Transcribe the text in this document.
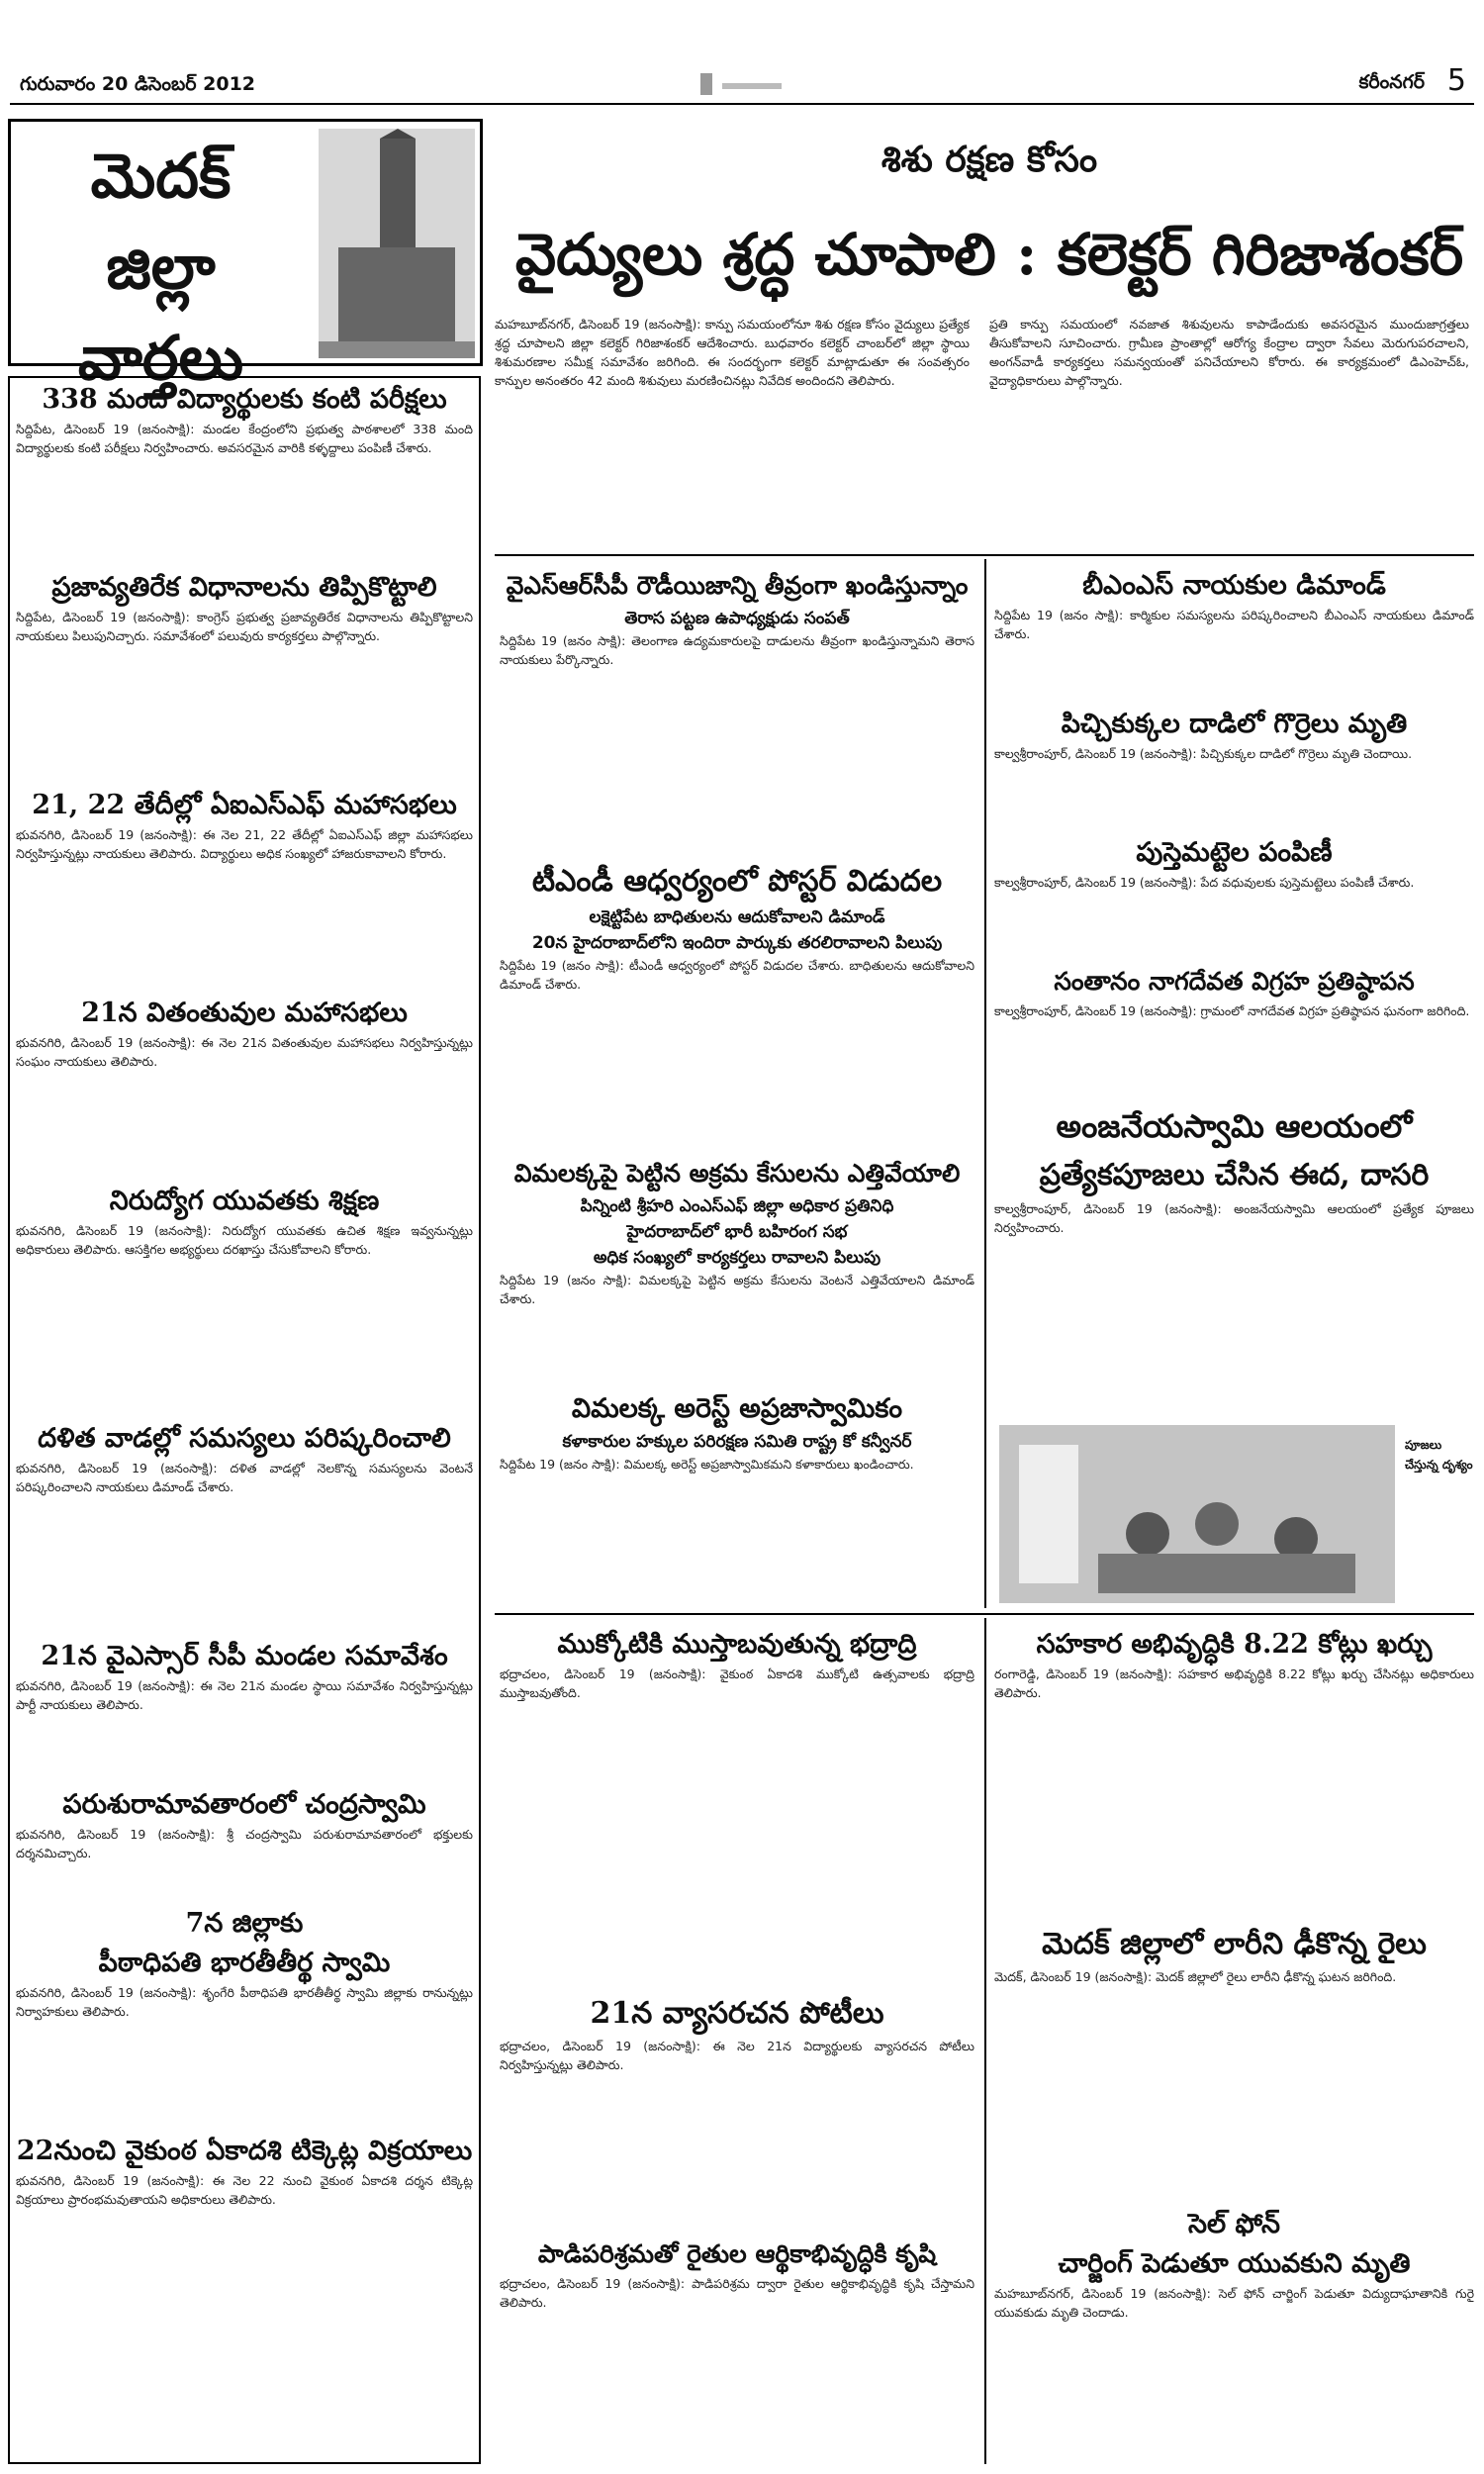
గురువారం 20 డిసెంబర్ 2012	కరీంనగర్ 5
మెదక్
జిల్లా వార్తలు
శిశు రక్షణ కోసం
వైద్యులు శ్రద్ధ చూపాలి : కలెక్టర్ గిరిజాశంకర్
మహబూబ్‌నగర్, డిసెంబర్ 19 (జనంసాక్షి): కాన్పు సమయంలోనూ శిశు రక్షణ కోసం వైద్యులు ప్రత్యేక శ్రద్ధ చూపాలని జిల్లా కలెక్టర్ గిరిజాశంకర్ ఆదేశించారు. బుధవారం కలెక్టర్ చాంబర్‌లో జిల్లా స్థాయి శిశుమరణాల సమీక్ష సమావేశం జరిగింది. ఈ సందర్భంగా కలెక్టర్ మాట్లాడుతూ ఈ సంవత్సరం కాన్పుల అనంతరం 42 మంది శిశువులు మరణించినట్లు నివేదిక అందిందని తెలిపారు.
ప్రతి కాన్పు సమయంలో నవజాత శిశువులను కాపాడేందుకు అవసరమైన ముందుజాగ్రత్తలు తీసుకోవాలని సూచించారు. గ్రామీణ ప్రాంతాల్లో ఆరోగ్య కేంద్రాల ద్వారా సేవలు మెరుగుపరచాలని, అంగన్‌వాడీ కార్యకర్తలు సమన్వయంతో పనిచేయాలని కోరారు. ఈ కార్యక్రమంలో డిఎంహెచ్‌ఓ, వైద్యాధికారులు పాల్గొన్నారు.
338 మంది విద్యార్థులకు కంటి పరీక్షలు
సిద్దిపేట, డిసెంబర్ 19 (జనంసాక్షి): మండల కేంద్రంలోని ప్రభుత్వ పాఠశాలలో 338 మంది విద్యార్థులకు కంటి పరీక్షలు నిర్వహించారు. అవసరమైన వారికి కళ్ళద్దాలు పంపిణీ చేశారు.
ప్రజావ్యతిరేక విధానాలను తిప్పికొట్టాలి
సిద్దిపేట, డిసెంబర్ 19 (జనంసాక్షి): కాంగ్రెస్ ప్రభుత్వ ప్రజావ్యతిరేక విధానాలను తిప్పికొట్టాలని నాయకులు పిలుపునిచ్చారు. సమావేశంలో పలువురు కార్యకర్తలు పాల్గొన్నారు.
21, 22 తేదీల్లో ఏఐఎస్‌ఎఫ్ మహాసభలు
భువనగిరి, డిసెంబర్ 19 (జనంసాక్షి): ఈ నెల 21, 22 తేదీల్లో ఏఐఎస్‌ఎఫ్ జిల్లా మహాసభలు నిర్వహిస్తున్నట్లు నాయకులు తెలిపారు. విద్యార్థులు అధిక సంఖ్యలో హాజరుకావాలని కోరారు.
21న వితంతువుల మహాసభలు
భువనగిరి, డిసెంబర్ 19 (జనంసాక్షి): ఈ నెల 21న వితంతువుల మహాసభలు నిర్వహిస్తున్నట్లు సంఘం నాయకులు తెలిపారు.
నిరుద్యోగ యువతకు శిక్షణ
భువనగిరి, డిసెంబర్ 19 (జనంసాక్షి): నిరుద్యోగ యువతకు ఉచిత శిక్షణ ఇవ్వనున్నట్లు అధికారులు తెలిపారు. ఆసక్తిగల అభ్యర్థులు దరఖాస్తు చేసుకోవాలని కోరారు.
దళిత వాడల్లో సమస్యలు పరిష్కరించాలి
భువనగిరి, డిసెంబర్ 19 (జనంసాక్షి): దళిత వాడల్లో నెలకొన్న సమస్యలను వెంటనే పరిష్కరించాలని నాయకులు డిమాండ్ చేశారు.
21న వైఎస్సార్ సీపీ మండల సమావేశం
భువనగిరి, డిసెంబర్ 19 (జనంసాక్షి): ఈ నెల 21న మండల స్థాయి సమావేశం నిర్వహిస్తున్నట్లు పార్టీ నాయకులు తెలిపారు.
పరుశురామావతారంలో చంద్రస్వామి
భువనగిరి, డిసెంబర్ 19 (జనంసాక్షి): శ్రీ చంద్రస్వామి పరుశురామావతారంలో భక్తులకు దర్శనమిచ్చారు.
7న జిల్లాకు
పీఠాధిపతి భారతీతీర్థ స్వామి
భువనగిరి, డిసెంబర్ 19 (జనంసాక్షి): శృంగేరి పీఠాధిపతి భారతీతీర్థ స్వామి జిల్లాకు రానున్నట్లు నిర్వాహకులు తెలిపారు.
22నుంచి వైకుంఠ ఏకాదశి టిక్కెట్ల విక్రయాలు
భువనగిరి, డిసెంబర్ 19 (జనంసాక్షి): ఈ నెల 22 నుంచి వైకుంఠ ఏకాదశి దర్శన టిక్కెట్ల విక్రయాలు ప్రారంభమవుతాయని అధికారులు తెలిపారు.
వైఎస్‌ఆర్‌సీపీ రౌడీయిజాన్ని తీవ్రంగా ఖండిస్తున్నాం
తెరాస పట్టణ ఉపాధ్యక్షుడు సంపత్
సిద్దిపేట 19 (జనం సాక్షి): తెలంగాణ ఉద్యమకారులపై దాడులను తీవ్రంగా ఖండిస్తున్నామని తెరాస నాయకులు పేర్కొన్నారు.
టీఎండీ ఆధ్వర్యంలో పోస్టర్ విడుదల
లక్షెట్టిపేట బాధితులను ఆదుకోవాలని డిమాండ్
20న హైదరాబాద్‌లోని ఇందిరా పార్కుకు తరలిరావాలని పిలుపు
సిద్దిపేట 19 (జనం సాక్షి): టీఎండీ ఆధ్వర్యంలో పోస్టర్ విడుదల చేశారు. బాధితులను ఆదుకోవాలని డిమాండ్ చేశారు.
విమలక్కపై పెట్టిన అక్రమ కేసులను ఎత్తివేయాలి
పిన్నింటి శ్రీహరి ఎంఎస్‌ఎఫ్ జిల్లా అధికార ప్రతినిధి
హైదరాబాద్‌లో భారీ బహిరంగ సభ
అధిక సంఖ్యలో కార్యకర్తలు రావాలని పిలుపు
సిద్దిపేట 19 (జనం సాక్షి): విమలక్కపై పెట్టిన అక్రమ కేసులను వెంటనే ఎత్తివేయాలని డిమాండ్ చేశారు.
విమలక్క అరెస్ట్ అప్రజాస్వామికం
కళాకారుల హక్కుల పరిరక్షణ సమితి రాష్ట్ర కో కన్వీనర్
సిద్దిపేట 19 (జనం సాక్షి): విమలక్క అరెస్ట్ అప్రజాస్వామికమని కళాకారులు ఖండించారు.
బీఎంఎస్ నాయకుల డిమాండ్
సిద్దిపేట 19 (జనం సాక్షి): కార్మికుల సమస్యలను పరిష్కరించాలని బీఎంఎస్ నాయకులు డిమాండ్ చేశారు.
పిచ్చికుక్కల దాడిలో గొర్రెలు మృతి
కాల్వశ్రీరాంపూర్, డిసెంబర్ 19 (జనంసాక్షి): పిచ్చికుక్కల దాడిలో గొర్రెలు మృతి చెందాయి.
పుస్తెమట్టెల పంపిణీ
కాల్వశ్రీరాంపూర్, డిసెంబర్ 19 (జనంసాక్షి): పేద వధువులకు పుస్తెమట్టెలు పంపిణీ చేశారు.
సంతానం నాగదేవత విగ్రహ ప్రతిష్ఠాపన
కాల్వశ్రీరాంపూర్, డిసెంబర్ 19 (జనంసాక్షి): గ్రామంలో నాగదేవత విగ్రహ ప్రతిష్ఠాపన ఘనంగా జరిగింది.
అంజనేయస్వామి ఆలయంలో
ప్రత్యేకపూజలు చేసిన ఈద, దాసరి
కాల్వశ్రీరాంపూర్, డిసెంబర్ 19 (జనంసాక్షి): అంజనేయస్వామి ఆలయంలో ప్రత్యేక పూజలు నిర్వహించారు.
పూజలు చేస్తున్న దృశ్యం
ముక్కోటికి ముస్తాబవుతున్న భద్రాద్రి
భద్రాచలం, డిసెంబర్ 19 (జనంసాక్షి): వైకుంఠ ఏకాదశి ముక్కోటి ఉత్సవాలకు భద్రాద్రి ముస్తాబవుతోంది.
21న వ్యాసరచన పోటీలు
భద్రాచలం, డిసెంబర్ 19 (జనంసాక్షి): ఈ నెల 21న విద్యార్థులకు వ్యాసరచన పోటీలు నిర్వహిస్తున్నట్లు తెలిపారు.
పాడిపరిశ్రమతో రైతుల ఆర్థికాభివృద్ధికి కృషి
భద్రాచలం, డిసెంబర్ 19 (జనంసాక్షి): పాడిపరిశ్రమ ద్వారా రైతుల ఆర్థికాభివృద్ధికి కృషి చేస్తామని తెలిపారు.
సహకార అభివృద్ధికి 8.22 కోట్లు ఖర్చు
రంగారెడ్డి, డిసెంబర్ 19 (జనంసాక్షి): సహకార అభివృద్ధికి 8.22 కోట్లు ఖర్చు చేసినట్లు అధికారులు తెలిపారు.
మెదక్ జిల్లాలో లారీని ఢీకొన్న రైలు
మెదక్, డిసెంబర్ 19 (జనంసాక్షి): మెదక్ జిల్లాలో రైలు లారీని ఢీకొన్న ఘటన జరిగింది.
సెల్ ఫోన్
చార్జింగ్ పెడుతూ యువకుని మృతి
మహబూబ్‌నగర్, డిసెంబర్ 19 (జనంసాక్షి): సెల్ ఫోన్ చార్జింగ్ పెడుతూ విద్యుదాఘాతానికి గురై యువకుడు మృతి చెందాడు.
